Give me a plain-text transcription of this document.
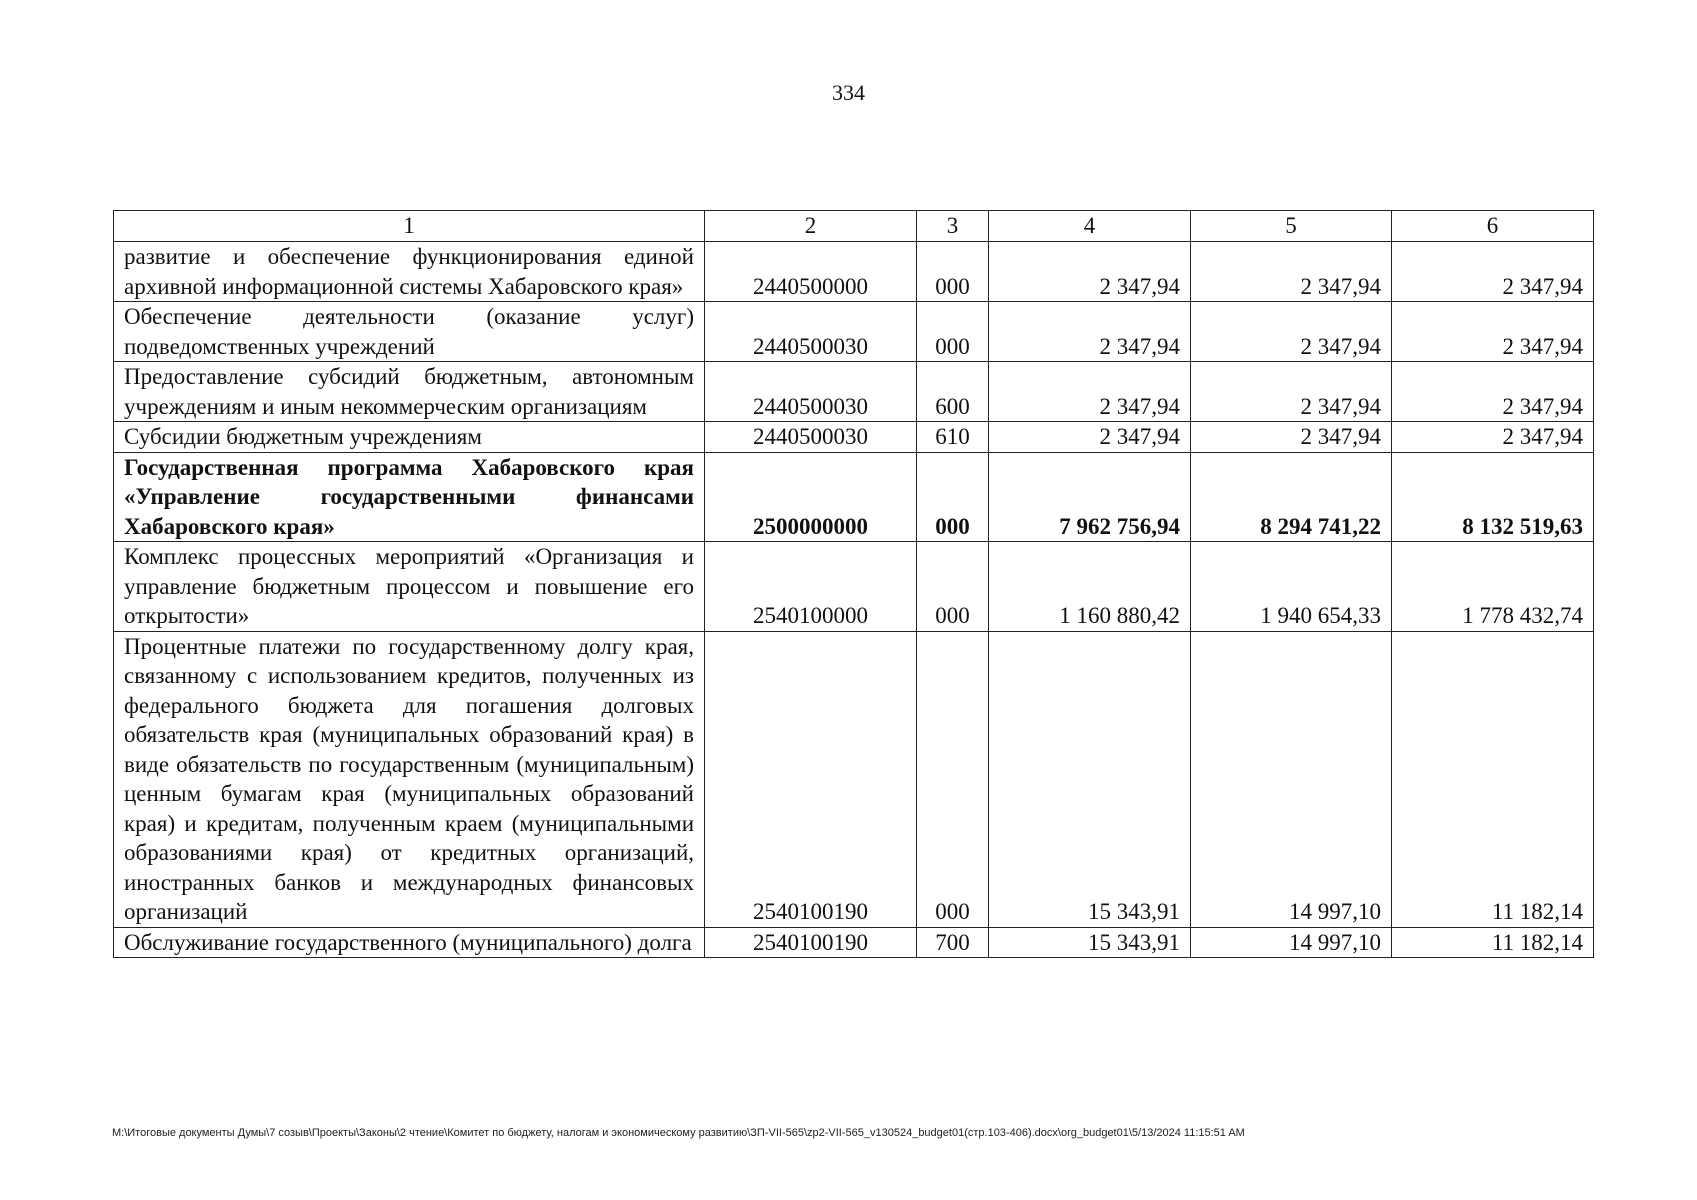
334
1	2	3	4	5	6
развитие и обеспечение функционирования единой архивной информационной системы Хабаровского края»	2440500000	000	2 347,94	2 347,94	2 347,94
Обеспечение деятельности (оказание услуг) подведомственных учреждений	2440500030	000	2 347,94	2 347,94	2 347,94
Предоставление субсидий бюджетным, автономным учреждениям и иным некоммерческим организациям	2440500030	600	2 347,94	2 347,94	2 347,94
Субсидии бюджетным учреждениям	2440500030	610	2 347,94	2 347,94	2 347,94
Государственная программа Хабаровского края «Управление государственными финансами Хабаровского края»	2500000000	000	7 962 756,94	8 294 741,22	8 132 519,63
Комплекс процессных мероприятий «Организация и управление бюджетным процессом и повышение его открытости»	2540100000	000	1 160 880,42	1 940 654,33	1 778 432,74
Процентные платежи по государственному долгу края, связанному с использованием кредитов, полученных из федерального бюджета для погашения долговых обязательств края (муниципальных образований края) в виде обязательств по государственным (муниципальным) ценным бумагам края (муниципальных образований края) и кредитам, полученным краем (муниципальными образованиями края) от кредитных организаций, иностранных банков и международных финансовых организаций	2540100190	000	15 343,91	14 997,10	11 182,14
Обслуживание государственного (муниципального) долга	2540100190	700	15 343,91	14 997,10	11 182,14
M:\Итоговые документы Думы\7 созыв\Проекты\Законы\2 чтение\Комитет по бюджету, налогам и экономическому развитию\ЗП-VII-565\zp2-VII-565_v130524_budget01(стр.103-406).docx\org_budget01\5/13/2024 11:15:51 AM
